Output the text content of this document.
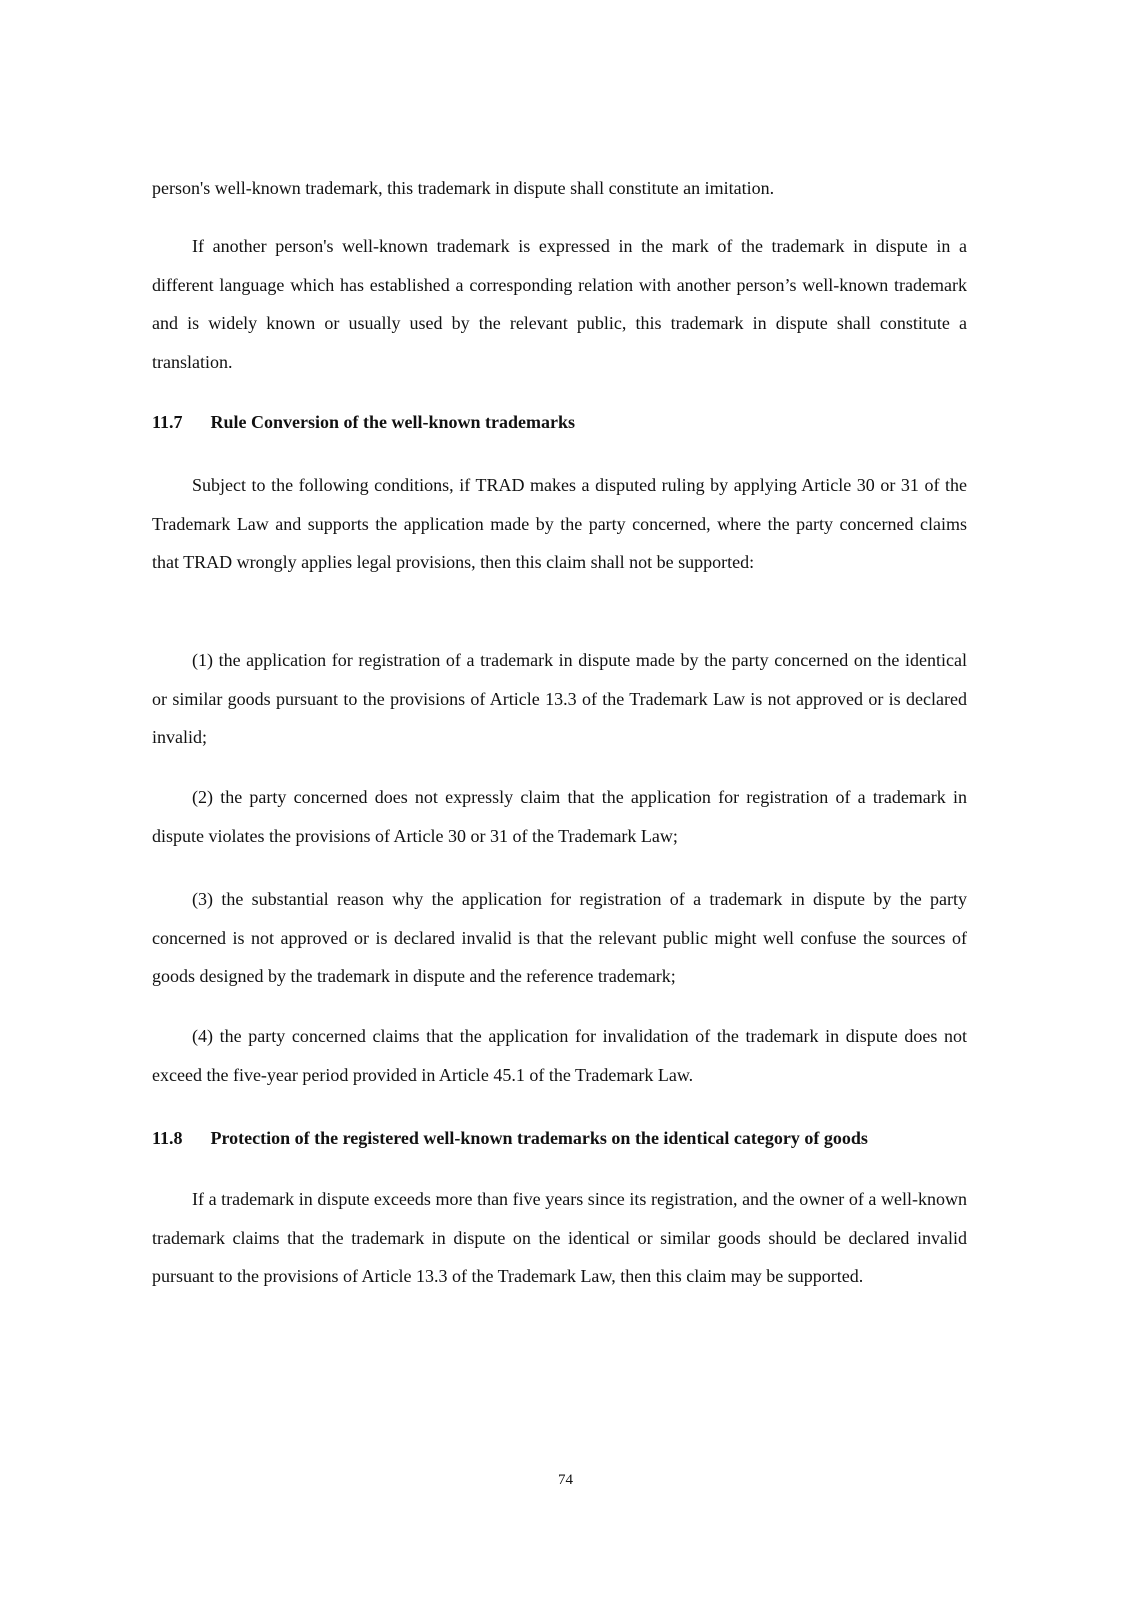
person's well-known trademark, this trademark in dispute shall constitute an imitation.

If another person's well-known trademark is expressed in the mark of the trademark in dispute in a different language which has established a corresponding relation with another person’s well-known trademark and is widely known or usually used by the relevant public, this trademark in dispute shall constitute a translation.

11.7 Rule Conversion of the well-known trademarks

Subject to the following conditions, if TRAD makes a disputed ruling by applying Article 30 or 31 of the Trademark Law and supports the application made by the party concerned, where the party concerned claims that TRAD wrongly applies legal provisions, then this claim shall not be supported:

(1) the application for registration of a trademark in dispute made by the party concerned on the identical or similar goods pursuant to the provisions of Article 13.3 of the Trademark Law is not approved or is declared invalid;

(2) the party concerned does not expressly claim that the application for registration of a trademark in dispute violates the provisions of Article 30 or 31 of the Trademark Law;

(3) the substantial reason why the application for registration of a trademark in dispute by the party concerned is not approved or is declared invalid is that the relevant public might well confuse the sources of goods designed by the trademark in dispute and the reference trademark;

(4) the party concerned claims that the application for invalidation of the trademark in dispute does not exceed the five-year period provided in Article 45.1 of the Trademark Law.

11.8 Protection of the registered well-known trademarks on the identical category of goods

If a trademark in dispute exceeds more than five years since its registration, and the owner of a well-known trademark claims that the trademark in dispute on the identical or similar goods should be declared invalid pursuant to the provisions of Article 13.3 of the Trademark Law, then this claim may be supported.

74
